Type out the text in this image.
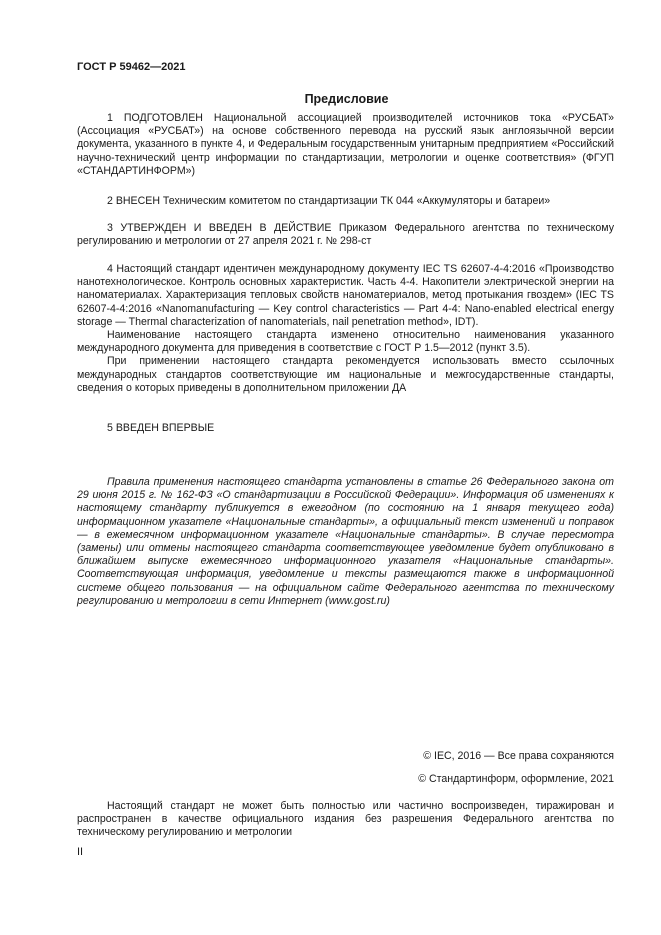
ГОСТ Р 59462—2021
Предисловие

1 ПОДГОТОВЛЕН Национальной ассоциацией производителей источников тока «РУСБАТ» (Ассоциация «РУСБАТ») на основе собственного перевода на русский язык англоязычной версии документа, указанного в пункте 4, и Федеральным государственным унитарным предприятием «Российский научно-технический центр информации по стандартизации, метрологии и оценке соответствия» (ФГУП «СТАНДАРТИНФОРМ»)

2 ВНЕСЕН Техническим комитетом по стандартизации ТК 044 «Аккумуляторы и батареи»

3 УТВЕРЖДЕН И ВВЕДЕН В ДЕЙСТВИЕ Приказом Федерального агентства по техническому регулированию и метрологии от 27 апреля 2021 г. № 298-ст

4 Настоящий стандарт идентичен международному документу IEC TS 62607-4-4:2016 «Производство нанотехнологическое. Контроль основных характеристик. Часть 4-4. Накопители электрической энергии на наноматериалах. Характеризация тепловых свойств наноматериалов, метод протыкания гвоздем» (IEC TS 62607-4-4:2016 «Nanomanufacturing — Key control characteristics — Part 4-4: Nano-enabled electrical energy storage — Thermal characterization of nanomaterials, nail penetration method», IDT).

Наименование настоящего стандарта изменено относительно наименования указанного международного документа для приведения в соответствие с ГОСТ Р 1.5—2012 (пункт 3.5).

При применении настоящего стандарта рекомендуется использовать вместо ссылочных международных стандартов соответствующие им национальные и межгосударственные стандарты, сведения о которых приведены в дополнительном приложении ДА

5 ВВЕДЕН ВПЕРВЫЕ

Правила применения настоящего стандарта установлены в статье 26 Федерального закона от 29 июня 2015 г. № 162-ФЗ «О стандартизации в Российской Федерации». Информация об изменениях к настоящему стандарту публикуется в ежегодном (по состоянию на 1 января текущего года) информационном указателе «Национальные стандарты», а официальный текст изменений и поправок — в ежемесячном информационном указателе «Национальные стандарты». В случае пересмотра (замены) или отмены настоящего стандарта соответствующее уведомление будет опубликовано в ближайшем выпуске ежемесячного информационного указателя «Национальные стандарты». Соответствующая информация, уведомление и тексты размещаются также в информационной системе общего пользования — на официальном сайте Федерального агентства по техническому регулированию и метрологии в сети Интернет (www.gost.ru)

© IEC, 2016 — Все права сохраняются
© Стандартинформ, оформление, 2021

Настоящий стандарт не может быть полностью или частично воспроизведен, тиражирован и распространен в качестве официального издания без разрешения Федерального агентства по техническому регулированию и метрологии

II
